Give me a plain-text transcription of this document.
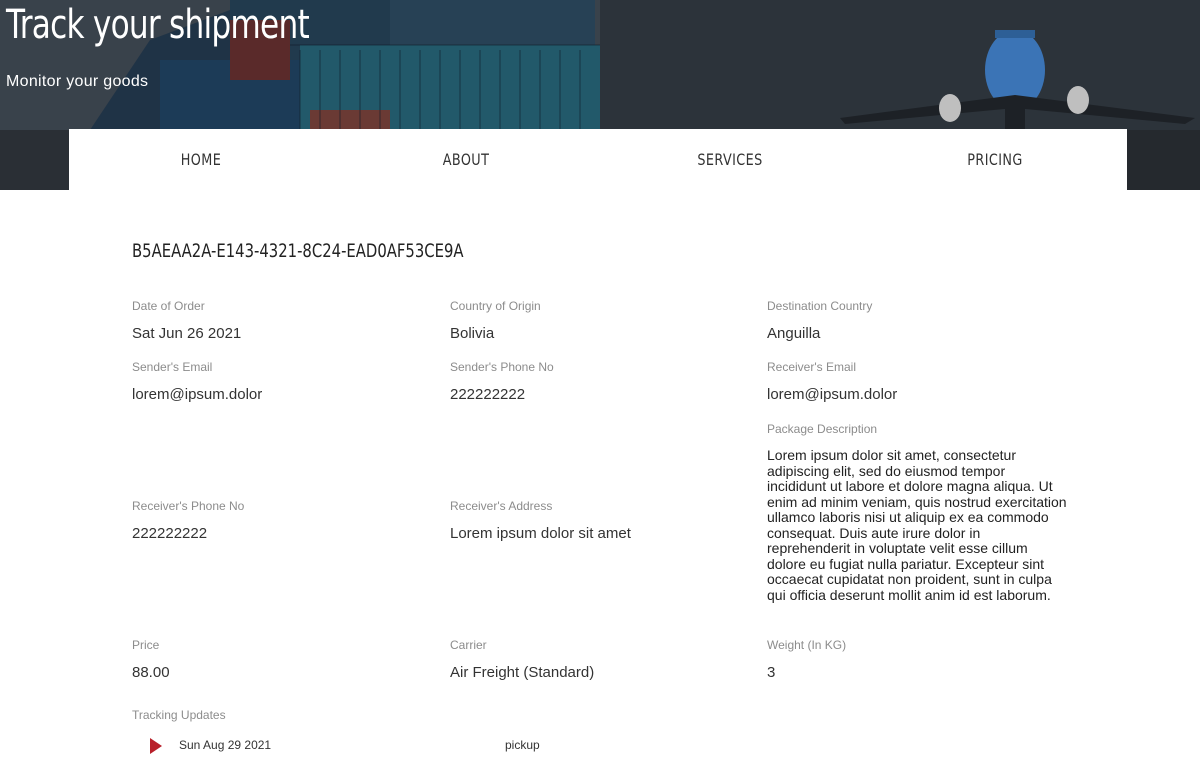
Track your shipment
Monitor your goods
HOME	ABOUT	SERVICES	PRICING
B5AEAA2A-E143-4321-8C24-EAD0AF53CE9A
Date of Order
Sat Jun 26 2021
Country of Origin
Bolivia
Destination Country
Anguilla
Sender's Email
lorem@ipsum.dolor
Sender's Phone No
222222222
Receiver's Email
lorem@ipsum.dolor
Package Description
Lorem ipsum dolor sit amet, consectetur adipiscing elit, sed do eiusmod tempor incididunt ut labore et dolore magna aliqua. Ut enim ad minim veniam, quis nostrud exercitation ullamco laboris nisi ut aliquip ex ea commodo consequat. Duis aute irure dolor in reprehenderit in voluptate velit esse cillum dolore eu fugiat nulla pariatur. Excepteur sint occaecat cupidatat non proident, sunt in culpa qui officia deserunt mollit anim id est laborum.
Receiver's Phone No
222222222
Receiver's Address
Lorem ipsum dolor sit amet
Price
88.00
Carrier
Air Freight (Standard)
Weight (In KG)
3
Tracking Updates
Sun Aug 29 2021	pickup
